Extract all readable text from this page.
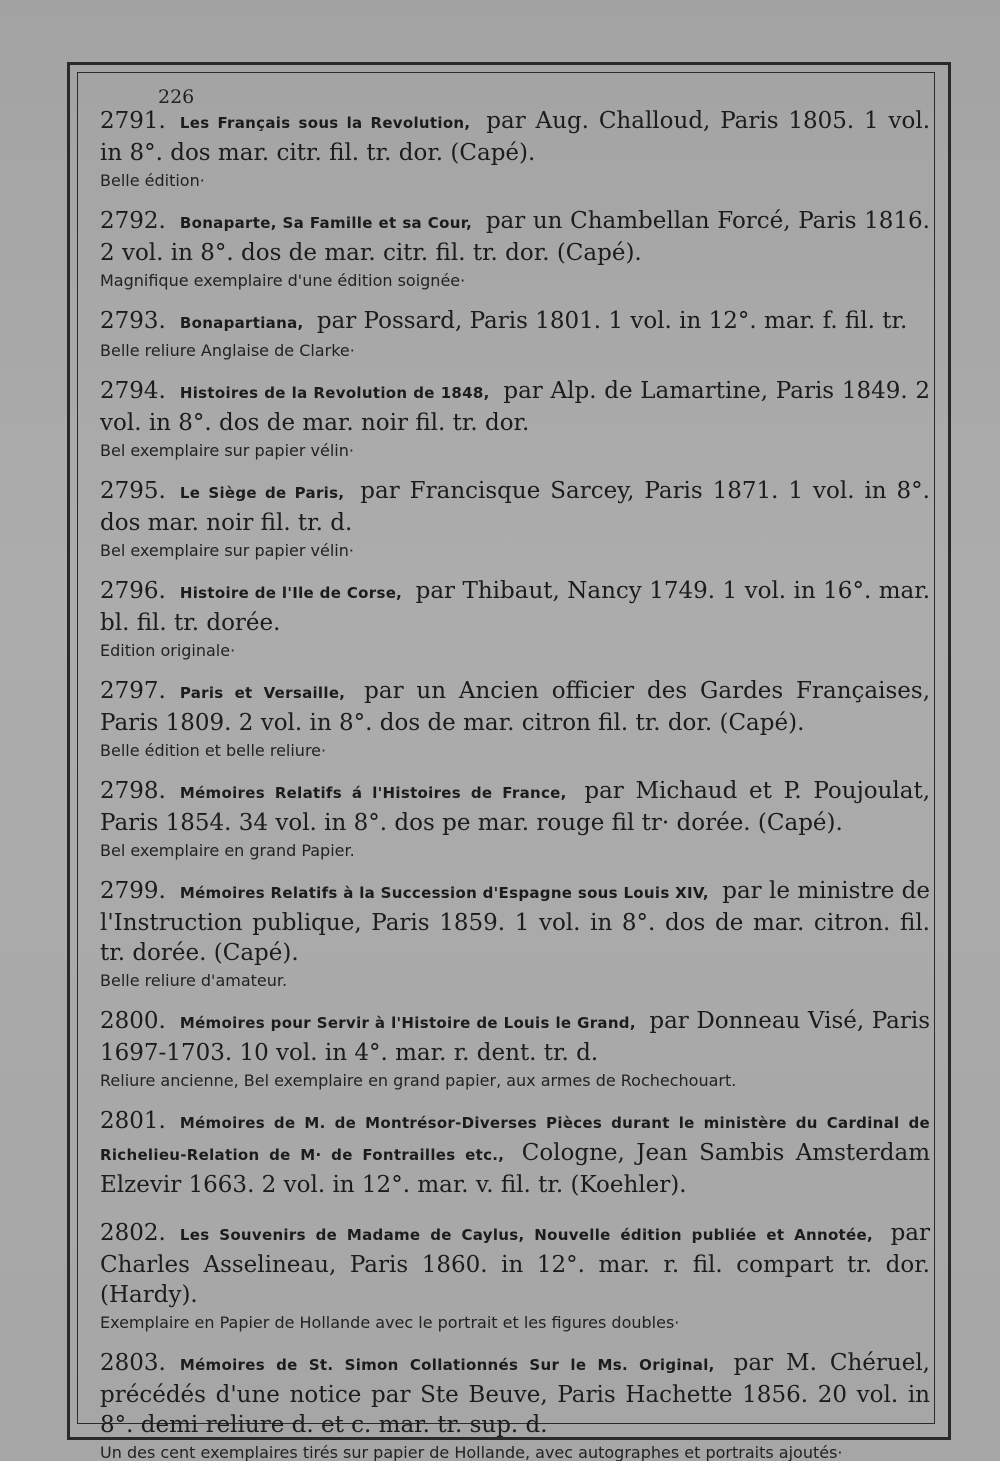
226
2791. Les Français sous la Revolution, par Aug. Challoud, Paris 1805. 1 vol. in 8°. dos mar. citr. fil. tr. dor. (Capé).
Belle édition·
2792. Bonaparte, Sa Famille et sa Cour, par un Chambellan Forcé, Paris 1816. 2 vol. in 8°. dos de mar. citr. fil. tr. dor. (Capé).
Magnifique exemplaire d'une édition soignée·
2793. Bonapartiana, par Possard, Paris 1801. 1 vol. in 12°. mar. f. fil. tr.
Belle reliure Anglaise de Clarke·
2794. Histoires de la Revolution de 1848, par Alp. de Lamartine, Paris 1849. 2 vol. in 8°. dos de mar. noir fil. tr. dor.
Bel exemplaire sur papier vélin·
2795. Le Siège de Paris, par Francisque Sarcey, Paris 1871. 1 vol. in 8°. dos mar. noir fil. tr. d.
Bel exemplaire sur papier vélin·
2796. Histoire de l'Ile de Corse, par Thibaut, Nancy 1749. 1 vol. in 16°. mar. bl. fil. tr. dorée.
Edition originale·
2797. Paris et Versaille, par un Ancien officier des Gardes Françaises, Paris 1809. 2 vol. in 8°. dos de mar. citron fil. tr. dor. (Capé).
Belle édition et belle reliure·
2798. Mémoires Relatifs á l'Histoires de France, par Michaud et P. Poujoulat, Paris 1854. 34 vol. in 8°. dos pe mar. rouge fil tr· dorée. (Capé).
Bel exemplaire en grand Papier.
2799. Mémoires Relatifs à la Succession d'Espagne sous Louis XIV, par le ministre de l'Instruction publique, Paris 1859. 1 vol. in 8°. dos de mar. citron. fil. tr. dorée. (Capé).
Belle reliure d'amateur.
2800. Mémoires pour Servir à l'Histoire de Louis le Grand, par Donneau Visé, Paris 1697-1703. 10 vol. in 4°. mar. r. dent. tr. d.
Reliure ancienne, Bel exemplaire en grand papier, aux armes de Rochechouart.
2801. Mémoires de M. de Montrésor-Diverses Pièces durant le ministère du Cardinal de Richelieu-Relation de M· de Fontrailles etc., Cologne, Jean Sambis Amsterdam Elzevir 1663. 2 vol. in 12°. mar. v. fil. tr. (Koehler).
2802. Les Souvenirs de Madame de Caylus, Nouvelle édition publiée et Annotée, par Charles Asselineau, Paris 1860. in 12°. mar. r. fil. compart tr. dor. (Hardy).
Exemplaire en Papier de Hollande avec le portrait et les figures doubles·
2803. Mémoires de St. Simon Collationnés Sur le Ms. Original, par M. Chéruel, précédés d'une notice par Ste Beuve, Paris Hachette 1856. 20 vol. in 8°. demi reliure d. et c. mar. tr. sup. d.
Un des cent exemplaires tirés sur papier de Hollande, avec autographes et portraits ajoutés·
